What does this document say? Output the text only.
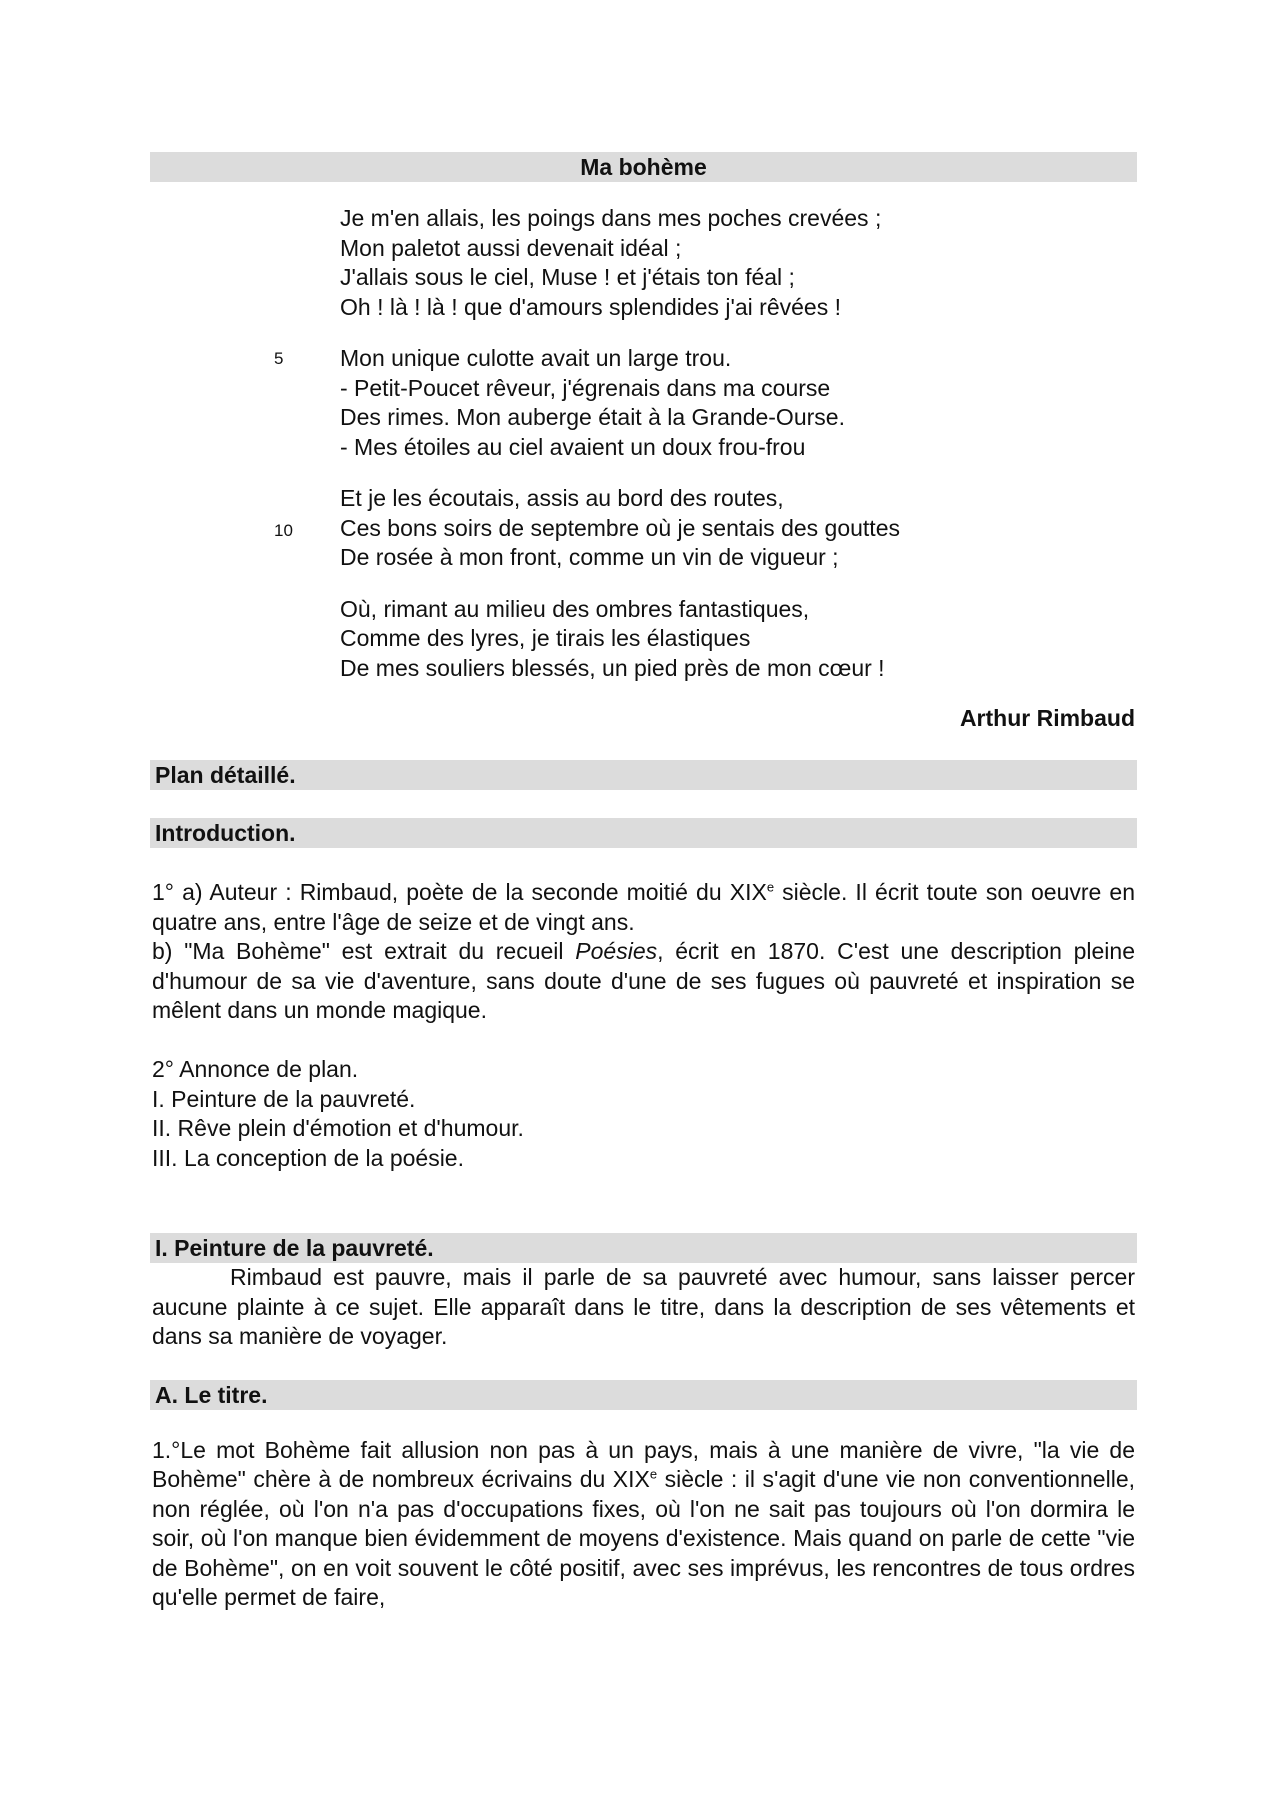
Ma bohème
Je m'en allais, les poings dans mes poches crevées ;
Mon paletot aussi devenait idéal ;
J'allais sous le ciel, Muse ! et j'étais ton féal ;
Oh ! là ! là ! que d'amours splendides j'ai rêvées !
5 Mon unique culotte avait un large trou.
- Petit-Poucet rêveur, j'égrenais dans ma course
Des rimes. Mon auberge était à la Grande-Ourse.
- Mes étoiles au ciel avaient un doux frou-frou
10
Et je les écoutais, assis au bord des routes,
Ces bons soirs de septembre où je sentais des gouttes
De rosée à mon front, comme un vin de vigueur ;
Où, rimant au milieu des ombres fantastiques,
Comme des lyres, je tirais les élastiques
De mes souliers blessés, un pied près de mon cœur !
Arthur Rimbaud
Plan détaillé.
Introduction.

1° a) Auteur : Rimbaud, poète de la seconde moitié du XIXe siècle. Il écrit toute son oeuvre en quatre ans, entre l'âge de seize et de vingt ans.

b) "Ma Bohème" est extrait du recueil Poésies, écrit en 1870. C'est une description pleine d'humour de sa vie d'aventure, sans doute d'une de ses fugues où pauvreté et inspiration se mêlent dans un monde magique.

2° Annonce de plan.

I. Peinture de la pauvreté.

II. Rêve plein d'émotion et d'humour.

III. La conception de la poésie.

I. Peinture de la pauvreté.

Rimbaud est pauvre, mais il parle de sa pauvreté avec humour, sans laisser percer aucune plainte à ce sujet. Elle apparaît dans le titre, dans la description de ses vêtements et dans sa manière de voyager.

A. Le titre.

1.°Le mot Bohème fait allusion non pas à un pays, mais à une manière de vivre, "la vie de Bohème" chère à de nombreux écrivains du XIXe siècle : il s'agit d'une vie non conventionnelle, non réglée, où l'on n'a pas d'occupations fixes, où l'on ne sait pas toujours où l'on dormira le soir, où l'on manque bien évidemment de moyens d'existence. Mais quand on parle de cette "vie de Bohème", on en voit souvent le côté positif, avec ses imprévus, les rencontres de tous ordres qu'elle permet de faire,
